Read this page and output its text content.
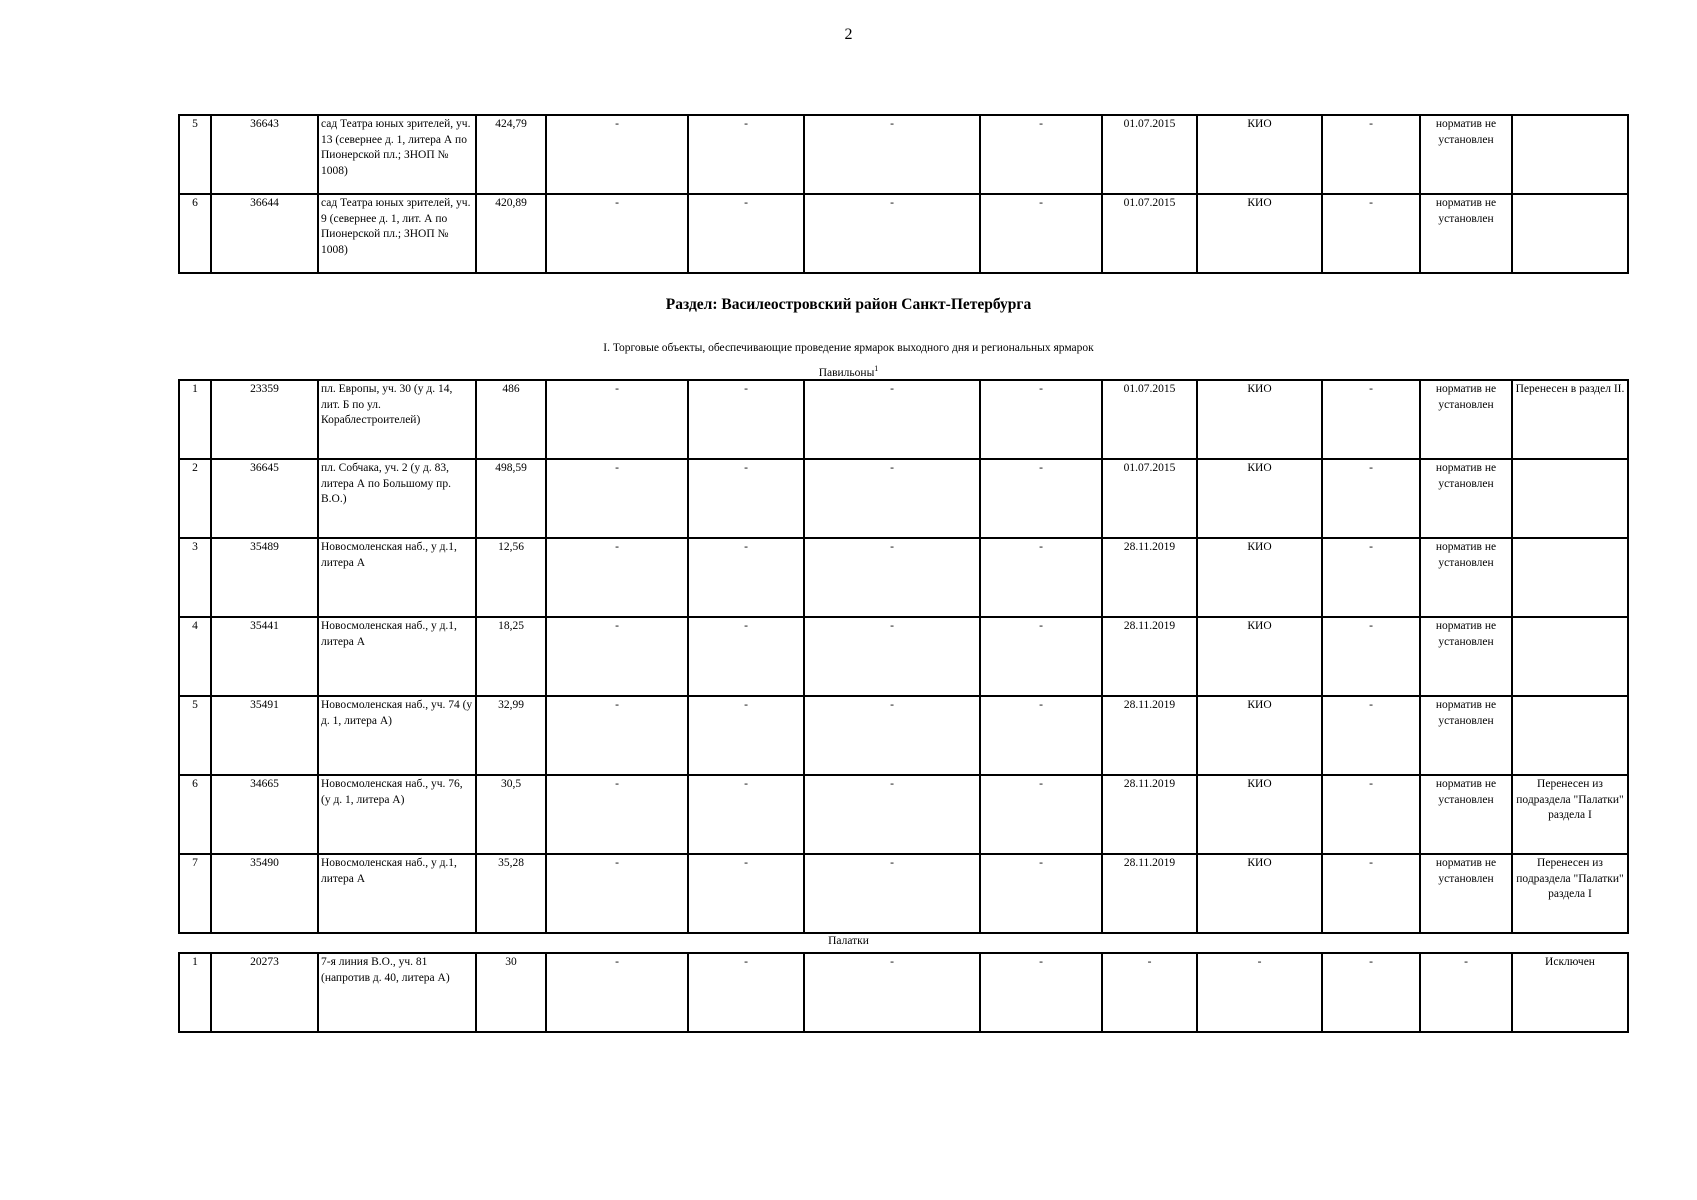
2
5	36643	сад Театра юных зрителей, уч. 13 (севернее д. 1, литера А по Пионерской пл.; ЗНОП № 1008)	424,79	-	-	-	-	01.07.2015	КИО	-	норматив не установлен	
6	36644	сад Театра юных зрителей, уч. 9 (севернее д. 1, лит. А по Пионерской пл.; ЗНОП № 1008)	420,89	-	-	-	-	01.07.2015	КИО	-	норматив не установлен	
Раздел: Василеостровский район Санкт-Петербурга
I. Торговые объекты, обеспечивающие проведение ярмарок выходного дня и региональных ярмарок
Павильоны$^1$
1	23359	пл. Европы, уч. 30 (у д. 14, лит. Б по ул. Кораблестроителей)	486	-	-	-	-	01.07.2015	КИО	-	норматив не установлен	Перенесен в раздел II.
2	36645	пл. Собчака, уч. 2 (у д. 83, литера А по Большому пр. В.О.)	498,59	-	-	-	-	01.07.2015	КИО	-	норматив не установлен	
3	35489	Новосмоленская наб., у д.1, литера А	12,56	-	-	-	-	28.11.2019	КИО	-	норматив не установлен	
4	35441	Новосмоленская наб., у д.1, литера А	18,25	-	-	-	-	28.11.2019	КИО	-	норматив не установлен	
5	35491	Новосмоленская наб., уч. 74 (у д. 1, литера А)	32,99	-	-	-	-	28.11.2019	КИО	-	норматив не установлен	
6	34665	Новосмоленская наб., уч. 76, (у д. 1, литера А)	30,5	-	-	-	-	28.11.2019	КИО	-	норматив не установлен	Перенесен из подраздела "Палатки" раздела I
7	35490	Новосмоленская наб., у д.1, литера А	35,28	-	-	-	-	28.11.2019	КИО	-	норматив не установлен	Перенесен из подраздела "Палатки" раздела I
Палатки
1	20273	7-я линия В.О., уч. 81 (напротив д. 40, литера А)	30	-	-	-	-	-	-	-	-	Исключен
